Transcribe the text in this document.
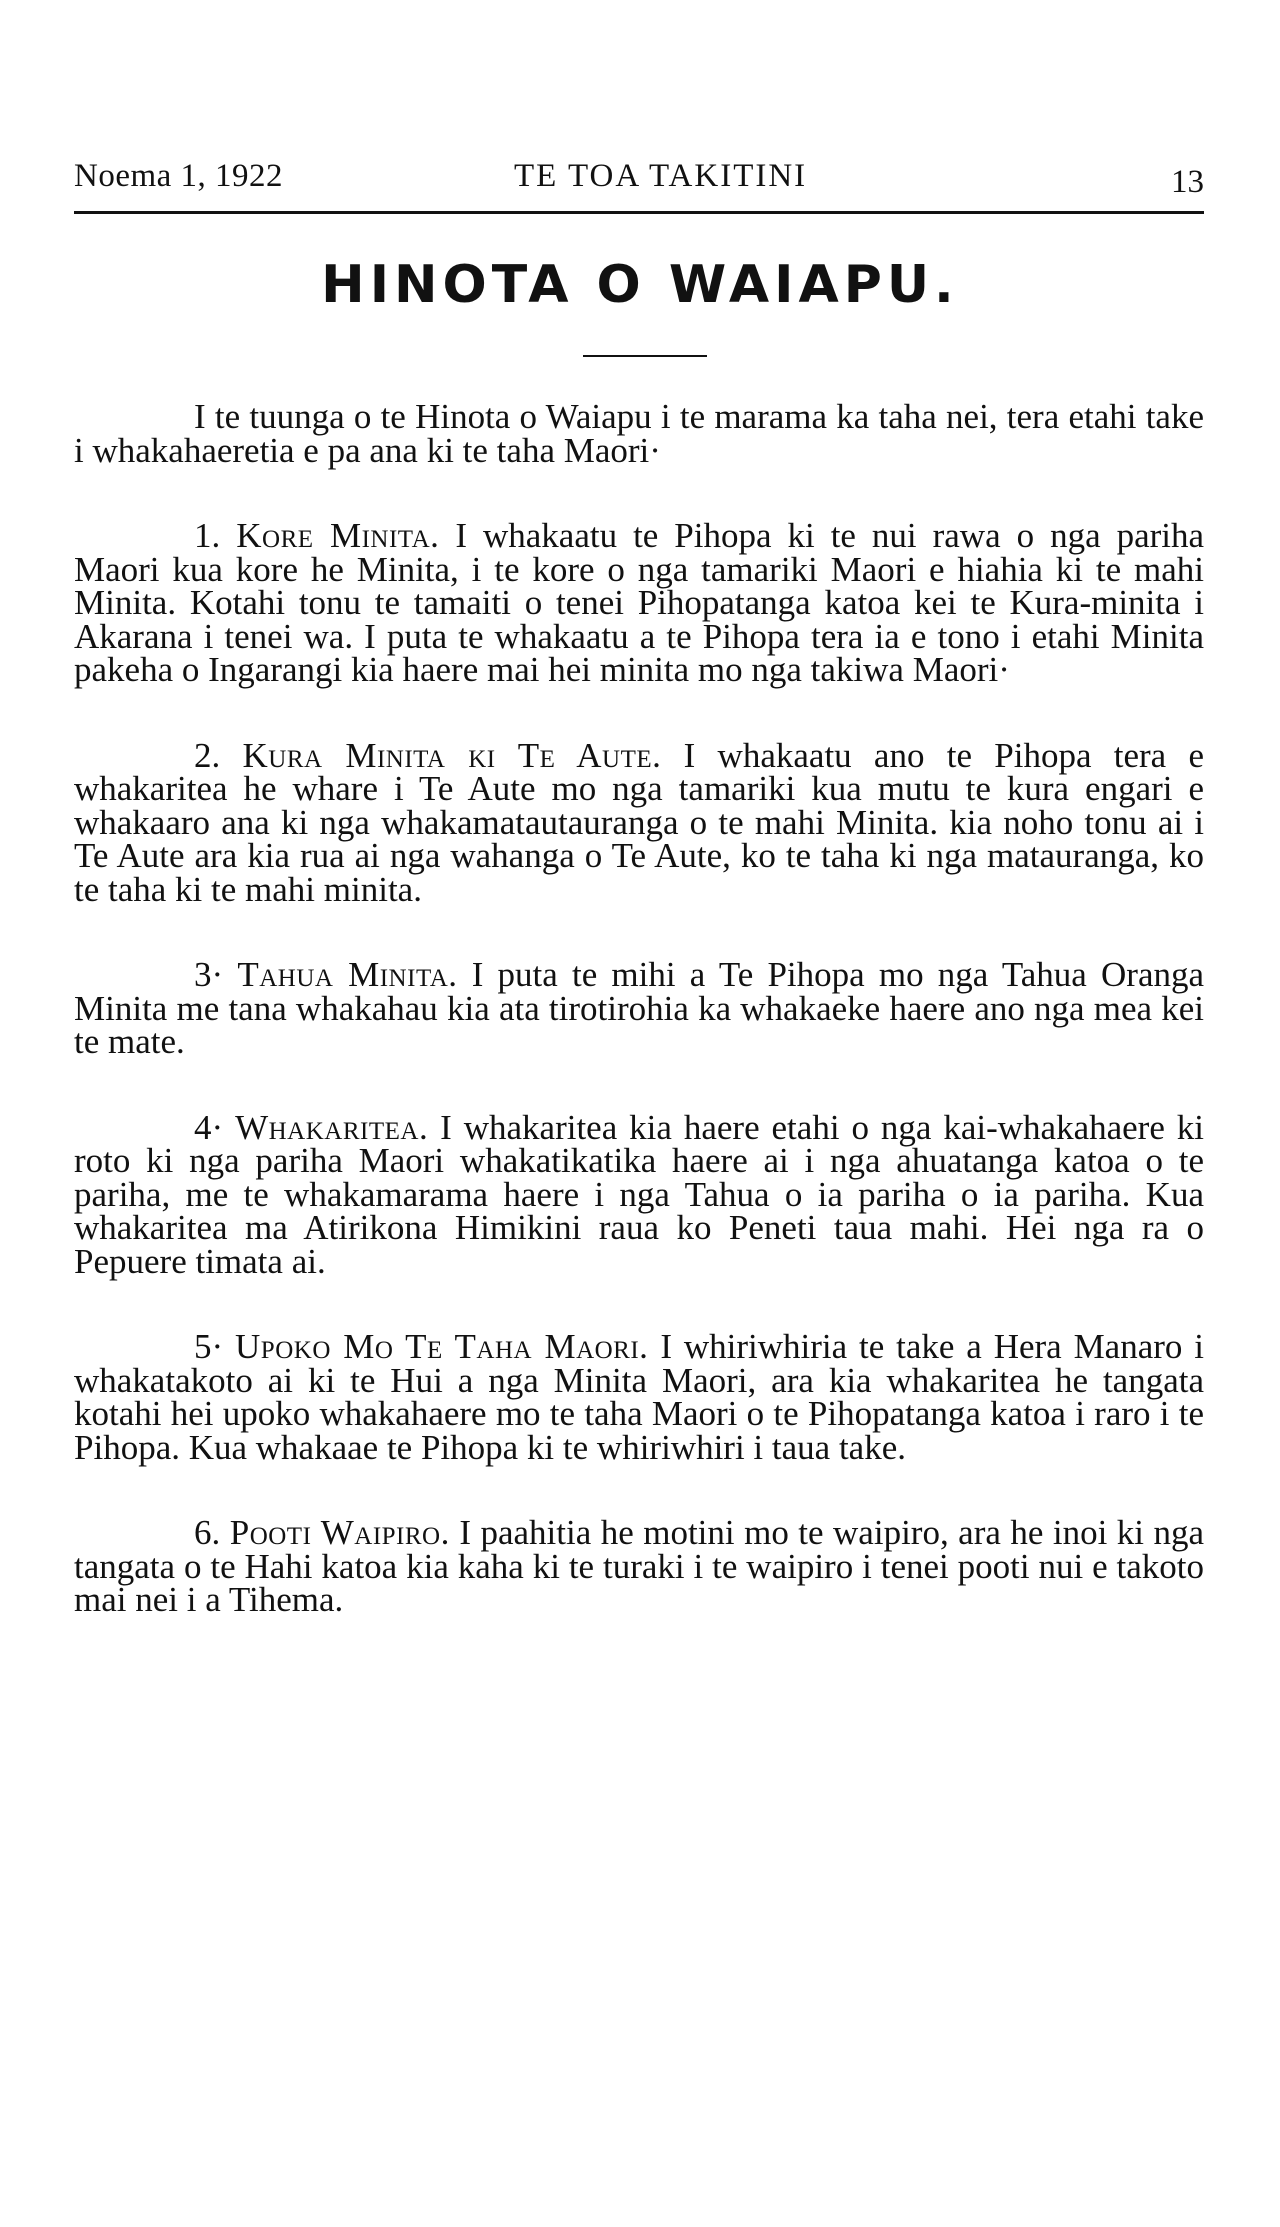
Noema 1, 1922	TE TOA TAKITINI	13
HINOTA O WAIAPU.

I te tuunga o te Hinota o Waiapu i te marama ka taha nei, tera etahi take i whakahaeretia e pa ana ki te taha Maori·

1. Kore Minita. I whakaatu te Pihopa ki te nui rawa o nga pariha Maori kua kore he Minita, i te kore o nga tamariki Maori e hiahia ki te mahi Minita. Kotahi tonu te tamaiti o tenei Pihopatanga katoa kei te Kura-minita i Akarana i tenei wa. I puta te whakaatu a te Pihopa tera ia e tono i etahi Minita pakeha o Ingarangi kia haere mai hei minita mo nga takiwa Maori·

2. Kura Minita ki Te Aute. I whakaatu ano te Pihopa tera e whakaritea he whare i Te Aute mo nga tamariki kua mutu te kura engari e whakaaro ana ki nga whakamatautauranga o te mahi Minita. kia noho tonu ai i Te Aute ara kia rua ai nga wahanga o Te Aute, ko te taha ki nga matauranga, ko te taha ki te mahi minita.

3· Tahua Minita. I puta te mihi a Te Pihopa mo nga Tahua Oranga Minita me tana whakahau kia ata tirotirohia ka whakaeke haere ano nga mea kei te mate.

4· Whakaritea. I whakaritea kia haere etahi o nga kai-whakahaere ki roto ki nga pariha Maori whakatikatika haere ai i nga ahuatanga katoa o te pariha, me te whakamarama haere i nga Tahua o ia pariha o ia pariha. Kua whakaritea ma Atirikona Himikini raua ko Peneti taua mahi. Hei nga ra o Pepuere timata ai.

5· Upoko Mo Te Taha Maori. I whiriwhiria te take a Hera Manaro i whakatakoto ai ki te Hui a nga Minita Maori, ara kia whakaritea he tangata kotahi hei upoko whakahaere mo te taha Maori o te Pihopatanga katoa i raro i te Pihopa. Kua whakaae te Pihopa ki te whiriwhiri i taua take.

6. Pooti Waipiro. I paahitia he motini mo te waipiro, ara he inoi ki nga tangata o te Hahi katoa kia kaha ki te turaki i te waipiro i tenei pooti nui e takoto mai nei i a Tihema.
